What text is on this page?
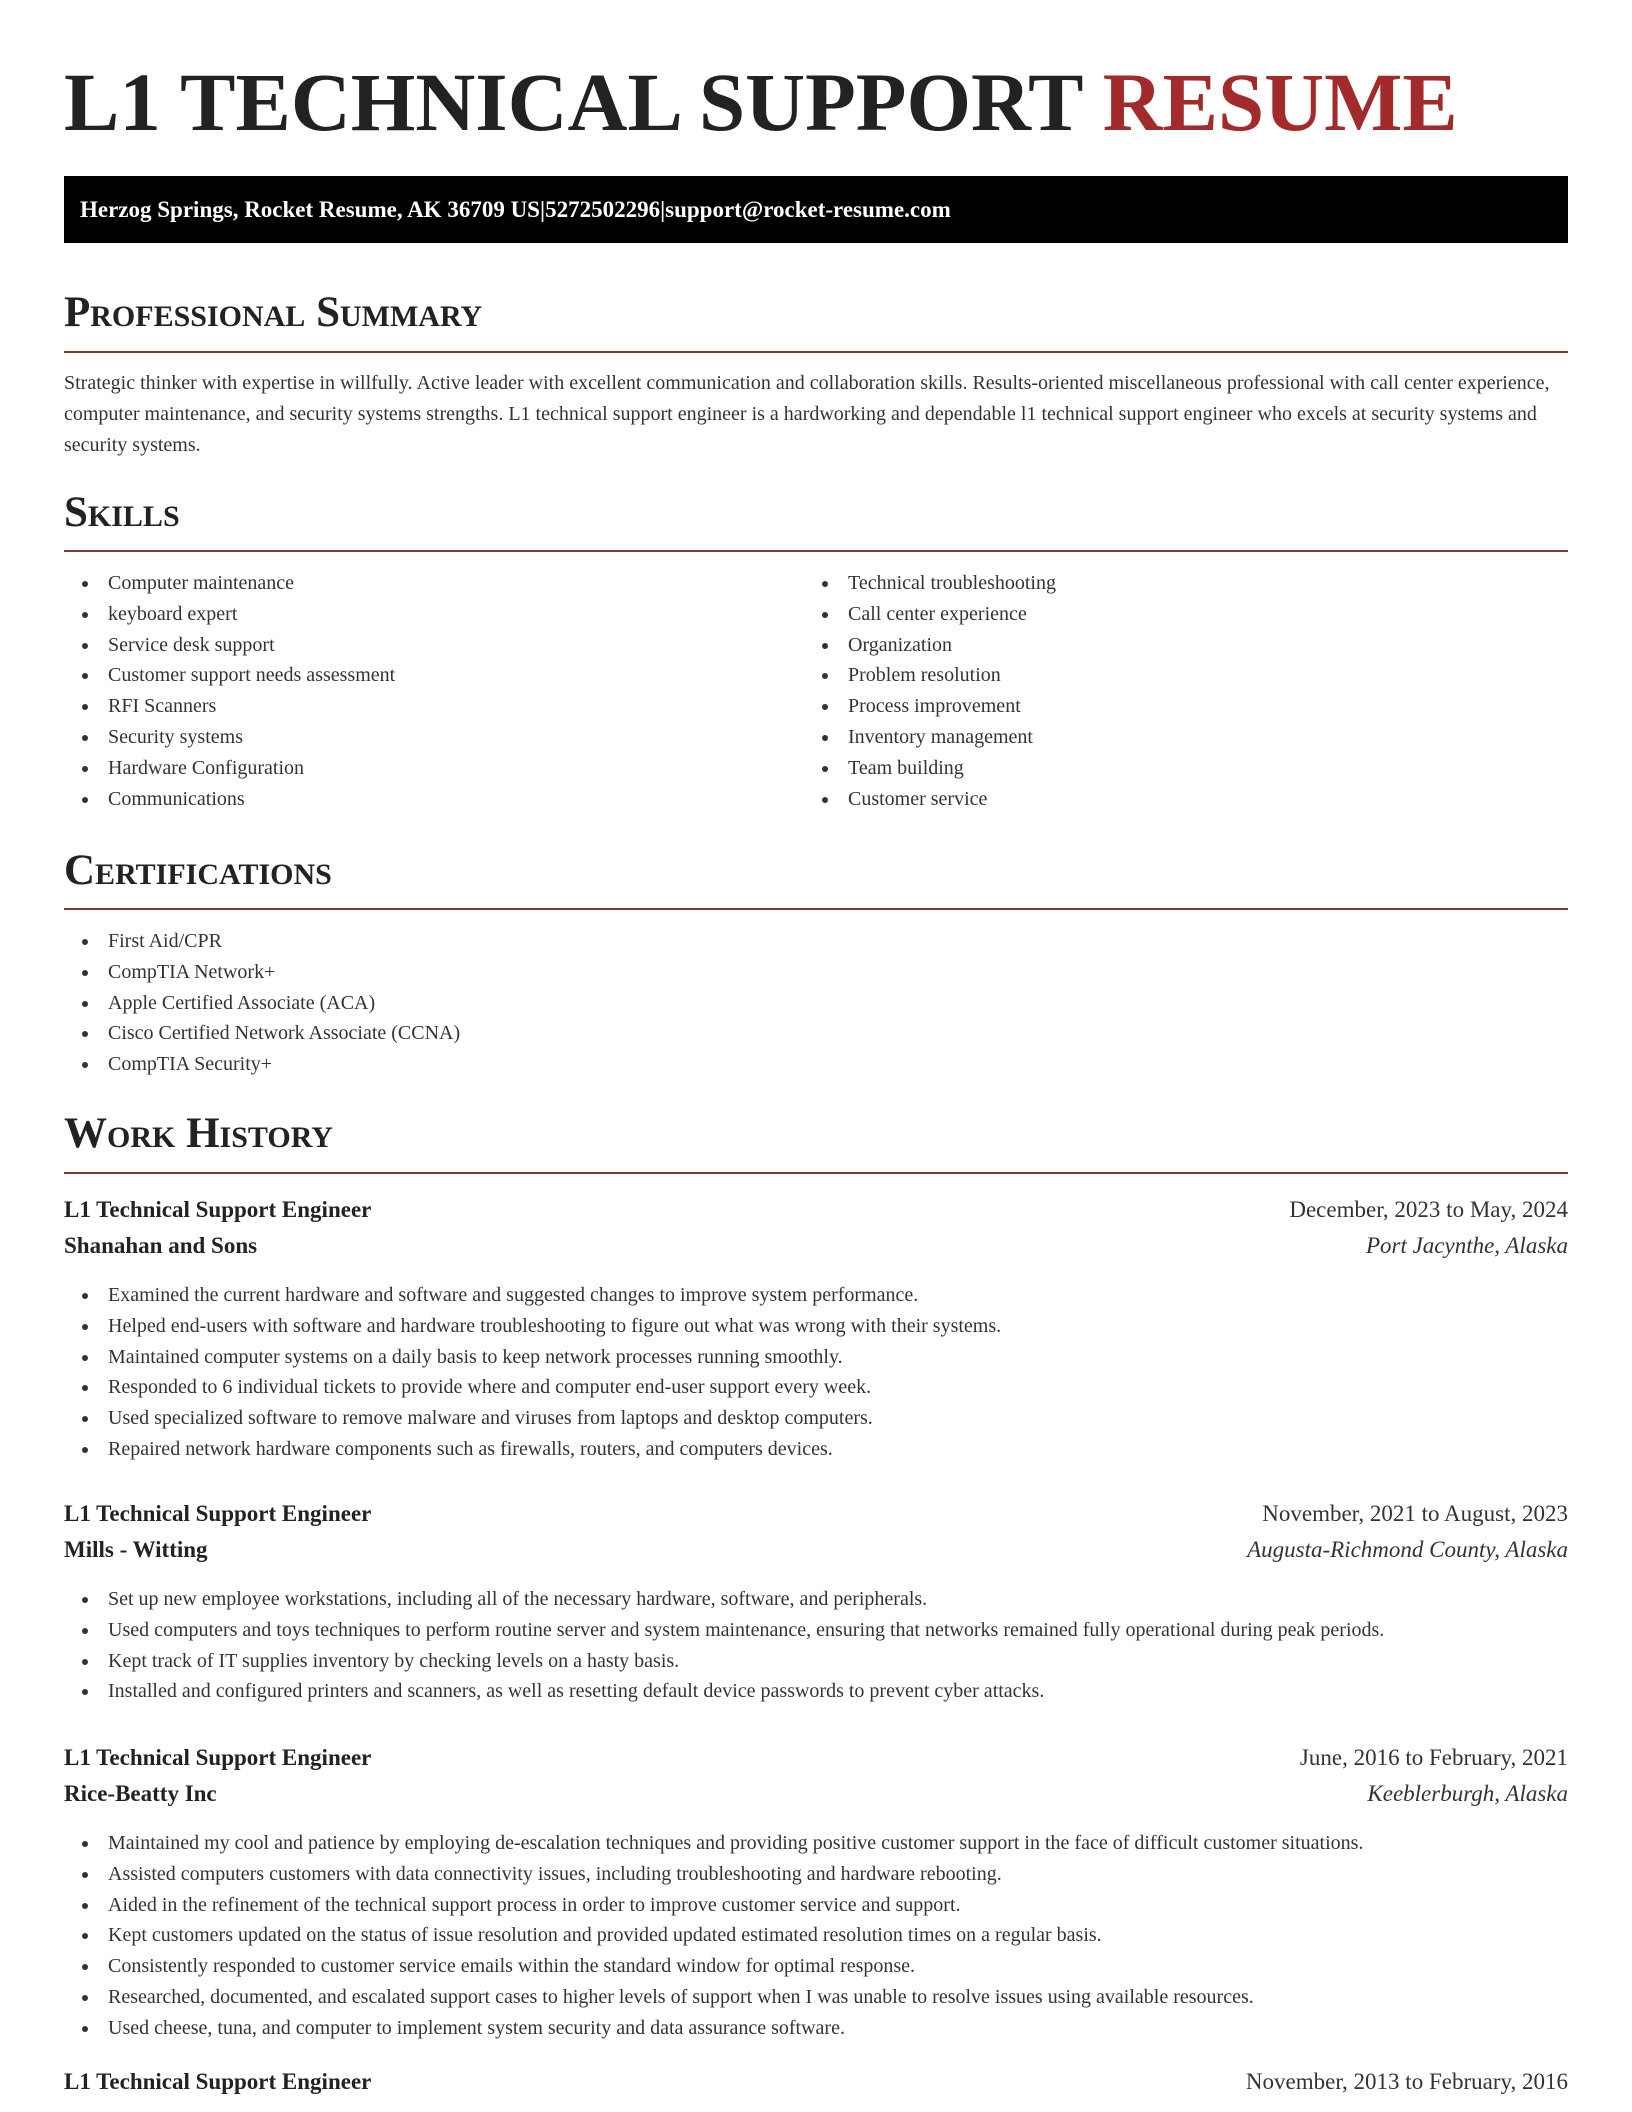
L1 TECHNICAL SUPPORT RESUME
Herzog Springs, Rocket Resume, AK 36709 US | 5272502296 | support@rocket-resume.com
Professional Summary

Strategic thinker with expertise in willfully. Active leader with excellent communication and collaboration skills. Results-oriented miscellaneous professional with call center experience, computer maintenance, and security systems strengths. L1 technical support engineer is a hardworking and dependable l1 technical support engineer who excels at security systems and security systems.

Skills
Computer maintenance
keyboard expert
Service desk support
Customer support needs assessment
RFI Scanners
Security systems
Hardware Configuration
Communications
Technical troubleshooting
Call center experience
Organization
Problem resolution
Process improvement
Inventory management
Team building
Customer service
Certifications
First Aid/CPR
CompTIA Network+
Apple Certified Associate (ACA)
Cisco Certified Network Associate (CCNA)
CompTIA Security+
Work History
L1 Technical Support Engineer	December, 2023 to May, 2024
Shanahan and Sons	Port Jacynthe, Alaska
Examined the current hardware and software and suggested changes to improve system performance.
Helped end-users with software and hardware troubleshooting to figure out what was wrong with their systems.
Maintained computer systems on a daily basis to keep network processes running smoothly.
Responded to 6 individual tickets to provide where and computer end-user support every week.
Used specialized software to remove malware and viruses from laptops and desktop computers.
Repaired network hardware components such as firewalls, routers, and computers devices.
L1 Technical Support Engineer	November, 2021 to August, 2023
Mills - Witting	Augusta-Richmond County, Alaska
Set up new employee workstations, including all of the necessary hardware, software, and peripherals.
Used computers and toys techniques to perform routine server and system maintenance, ensuring that networks remained fully operational during peak periods.
Kept track of IT supplies inventory by checking levels on a hasty basis.
Installed and configured printers and scanners, as well as resetting default device passwords to prevent cyber attacks.
L1 Technical Support Engineer	June, 2016 to February, 2021
Rice-Beatty Inc	Keeblerburgh, Alaska
Maintained my cool and patience by employing de-escalation techniques and providing positive customer support in the face of difficult customer situations.
Assisted computers customers with data connectivity issues, including troubleshooting and hardware rebooting.
Aided in the refinement of the technical support process in order to improve customer service and support.
Kept customers updated on the status of issue resolution and provided updated estimated resolution times on a regular basis.
Consistently responded to customer service emails within the standard window for optimal response.
Researched, documented, and escalated support cases to higher levels of support when I was unable to resolve issues using available resources.
Used cheese, tuna, and computer to implement system security and data assurance software.
L1 Technical Support Engineer	November, 2013 to February, 2016
